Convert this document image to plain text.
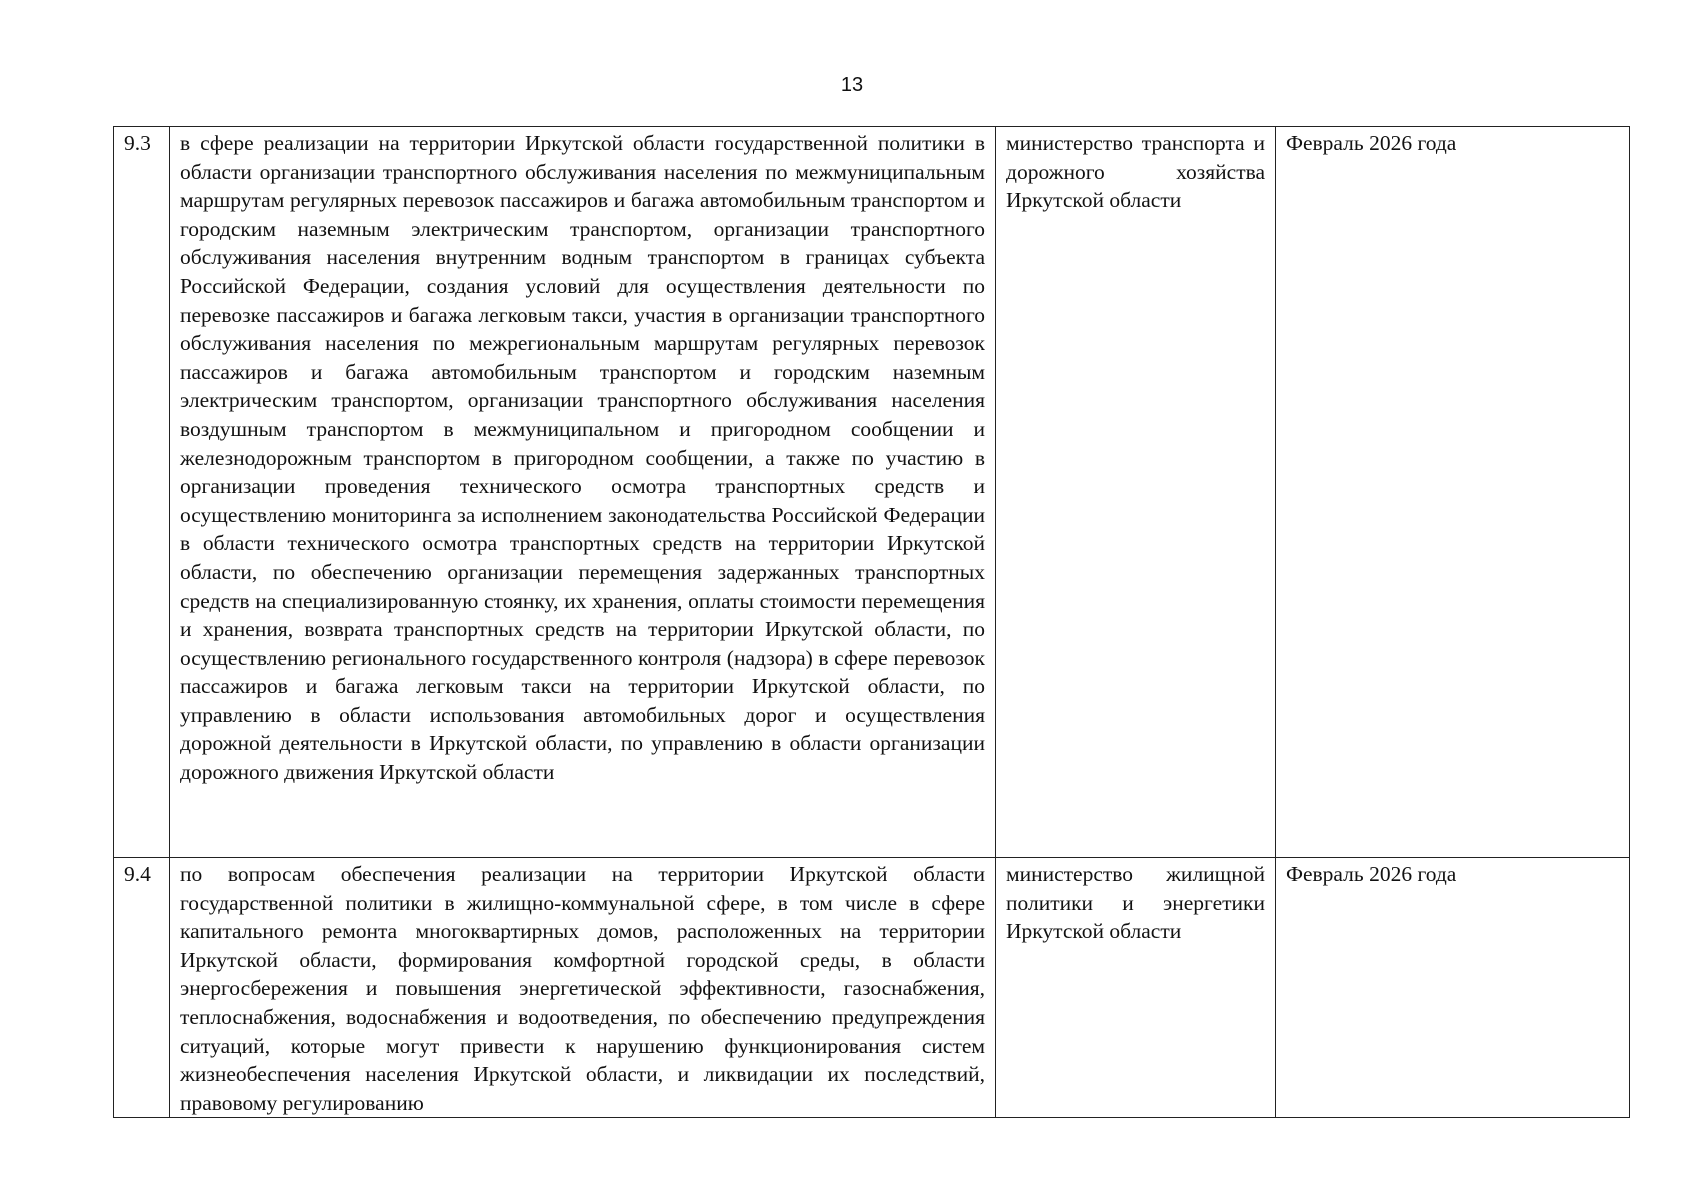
13
9.3	в сфере реализации на территории Иркутской области государственной политики в области организации транспортного обслуживания населения по межмуниципальным маршрутам регулярных перевозок пассажиров и багажа автомобильным транспортом и городским наземным электрическим транспортом, организации транспортного обслуживания населения внутренним водным транспортом в границах субъекта Российской Федерации, создания условий для осуществления деятельности по перевозке пассажиров и багажа легковым такси, участия в организации транспортного обслуживания населения по межрегиональным маршрутам регулярных перевозок пассажиров и багажа автомобильным транспортом и городским наземным электрическим транспортом, организации транспортного обслуживания населения воздушным транспортом в межмуниципальном и пригородном сообщении и железнодорожным транспортом в пригородном сообщении, а также по участию в организации проведения технического осмотра транспортных средств и осуществлению мониторинга за исполнением законодательства Российской Федерации в области технического осмотра транспортных средств на территории Иркутской области, по обеспечению организации перемещения задержанных транспортных средств на специализированную стоянку, их хранения, оплаты стоимости перемещения и хранения, возврата транспортных средств на территории Иркутской области, по осуществлению регионального государственного контроля (надзора) в сфере перевозок пассажиров и багажа легковым такси на территории Иркутской области, по управлению в области использования автомобильных дорог и осуществления дорожной деятельности в Иркутской области, по управлению в области организации дорожного движения Иркутской области	министерство транспорта и дорожного хозяйства Иркутской области	Февраль 2026 года
9.4	по вопросам обеспечения реализации на территории Иркутской области государственной политики в жилищно-коммунальной сфере, в том числе в сфере капитального ремонта многоквартирных домов, расположенных на территории Иркутской области, формирования комфортной городской среды, в области энергосбережения и повышения энергетической эффективности, газоснабжения, теплоснабжения, водоснабжения и водоотведения, по обеспечению предупреждения ситуаций, которые могут привести к нарушению функционирования систем жизнеобеспечения населения Иркутской области, и ликвидации их последствий, правовому регулированию	министерство жилищной политики и энергетики Иркутской области	Февраль 2026 года
